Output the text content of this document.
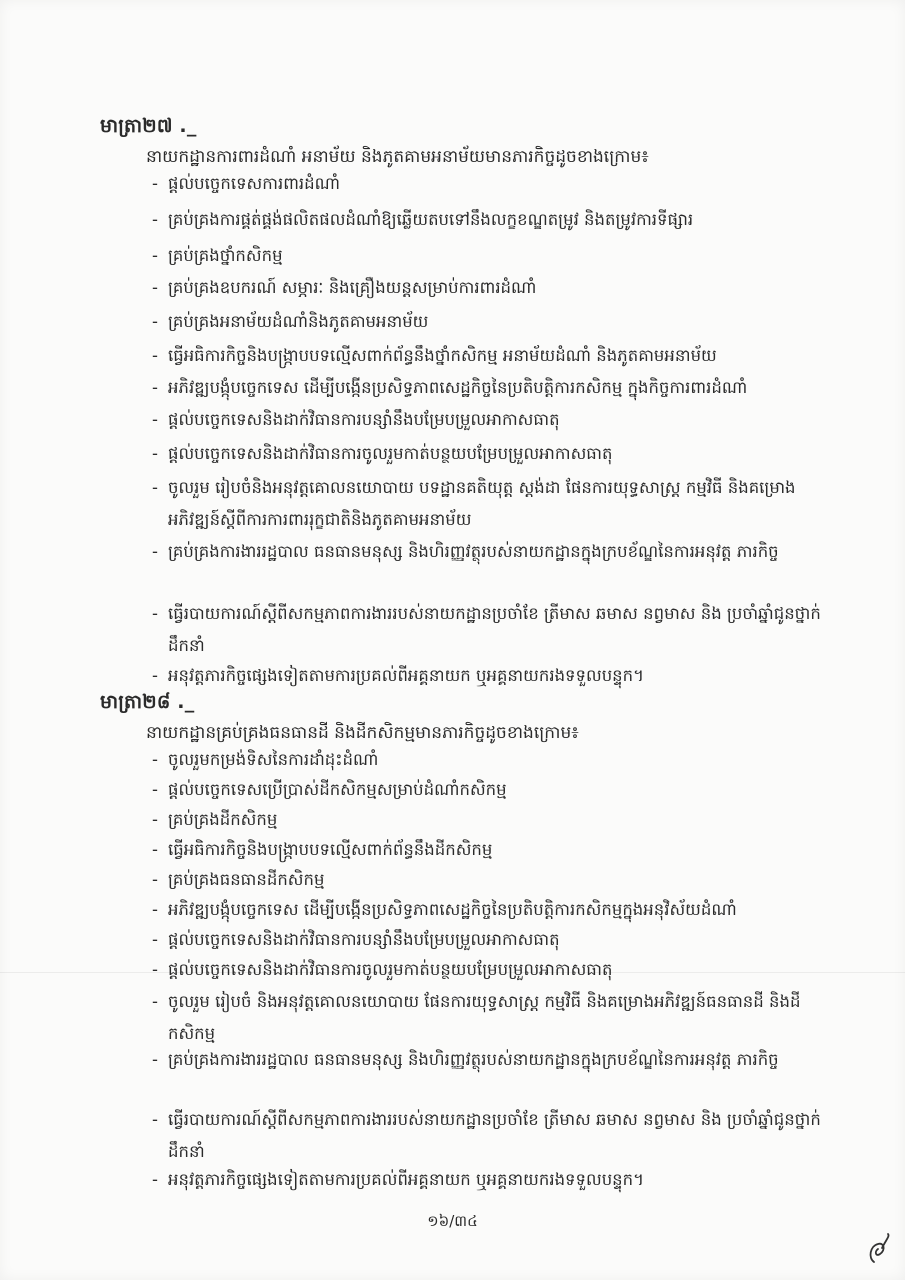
មាត្រា២៧ ._
នាយកដ្ឋានការពារដំណាំ អនាម័យ និងភូតគាមអនាម័យមានភារកិច្ចដូចខាងក្រោម៖
- ផ្តល់បច្ចេកទេសការពារដំណាំ
- គ្រប់គ្រងការផ្គត់ផ្គង់ផលិតផលដំណាំឱ្យឆ្លើយតបទៅនឹងលក្ខខណ្ឌតម្រូវ និងតម្រូវការទីផ្សារ
- គ្រប់គ្រងថ្នាំកសិកម្ម
- គ្រប់គ្រងឧបករណ៍ សម្ភារៈ និងគ្រឿងយន្តសម្រាប់ការពារដំណាំ
- គ្រប់គ្រងអនាម័យដំណាំនិងភូតគាមអនាម័យ
- ធ្វើអធិការកិច្ចនិងបង្ក្រាបបទល្មើសពាក់ព័ន្ធនឹងថ្នាំកសិកម្ម អនាម័យដំណាំ និងភូតគាមអនាម័យ
- អភិវឌ្ឍបង្កុំបច្ចេកទេស ដើម្បីបង្កើនប្រសិទ្ធភាពសេដ្ឋកិច្ចនៃប្រតិបត្តិការកសិកម្ម ក្នុងកិច្ចការពារដំណាំ
- ផ្តល់បច្ចេកទេសនិងដាក់វិធានការបន្សាំនឹងបម្រែបម្រួលអាកាសធាតុ
- ផ្តល់បច្ចេកទេសនិងដាក់វិធានការចូលរួមកាត់បន្ថយបម្រែបម្រួលអាកាសធាតុ
- ចូលរួម រៀបចំនិងអនុវត្តគោលនយោបាយ បទដ្ឋានគតិយុត្ត ស្តង់ដា ផែនការយុទ្ធសាស្ត្រ កម្មវិធី និងគម្រោងអភិវឌ្ឍន៍ស្តីពីការការពាររុក្ខជាតិនិងភូតគាមអនាម័យ
- គ្រប់គ្រងការងាររដ្ឋបាល ធនធានមនុស្ស និងហិរញ្ញវត្ថុរបស់នាយកដ្ឋានក្នុងក្របខ័ណ្ឌនៃការអនុវត្ត ភារកិច្ច
- ធ្វើរបាយការណ៍ស្តីពីសកម្មភាពការងាររបស់នាយកដ្ឋានប្រចាំខែ ត្រីមាស ឆមាស នព្វមាស និង ប្រចាំឆ្នាំជូនថ្នាក់ដឹកនាំ
- អនុវត្តភារកិច្ចផ្សេងទៀតតាមការប្រគល់ពីអគ្គនាយក ឬអគ្គនាយករងទទួលបន្ទុក។
មាត្រា២៨ ._
នាយកដ្ឋានគ្រប់គ្រងធនធានដី និងដីកសិកម្មមានភារកិច្ចដូចខាងក្រោម៖
- ចូលរួមកម្រង់ទិសនៃការដាំដុះដំណាំ
- ផ្តល់បច្ចេកទេសប្រើប្រាស់ដីកសិកម្មសម្រាប់ដំណាំកសិកម្ម
- គ្រប់គ្រងដីកសិកម្ម
- ធ្វើអធិការកិច្ចនិងបង្ក្រាបបទល្មើសពាក់ព័ន្ធនឹងដីកសិកម្ម
- គ្រប់គ្រងធនធានដីកសិកម្ម
- អភិវឌ្ឍបង្កុំបច្ចេកទេស ដើម្បីបង្កើនប្រសិទ្ធភាពសេដ្ឋកិច្ចនៃប្រតិបត្តិការកសិកម្មក្នុងអនុវិស័យដំណាំ
- ផ្តល់បច្ចេកទេសនិងដាក់វិធានការបន្សាំនឹងបម្រែបម្រួលអាកាសធាតុ
- ផ្តល់បច្ចេកទេសនិងដាក់វិធានការចូលរួមកាត់បន្ថយបម្រែបម្រួលអាកាសធាតុ
- ចូលរួម រៀបចំ និងអនុវត្តគោលនយោបាយ ផែនការយុទ្ធសាស្ត្រ កម្មវិធី និងគម្រោងអភិវឌ្ឍន៍ធនធានដី និងដីកសិកម្ម
- គ្រប់គ្រងការងាររដ្ឋបាល ធនធានមនុស្ស និងហិរញ្ញវត្ថុរបស់នាយកដ្ឋានក្នុងក្របខ័ណ្ឌនៃការអនុវត្ត ភារកិច្ច
- ធ្វើរបាយការណ៍ស្តីពីសកម្មភាពការងាររបស់នាយកដ្ឋានប្រចាំខែ ត្រីមាស ឆមាស នព្វមាស និង ប្រចាំឆ្នាំជូនថ្នាក់ដឹកនាំ
- អនុវត្តភារកិច្ចផ្សេងទៀតតាមការប្រគល់ពីអគ្គនាយក ឬអគ្គនាយករងទទួលបន្ទុក។
១៦/៣៤
